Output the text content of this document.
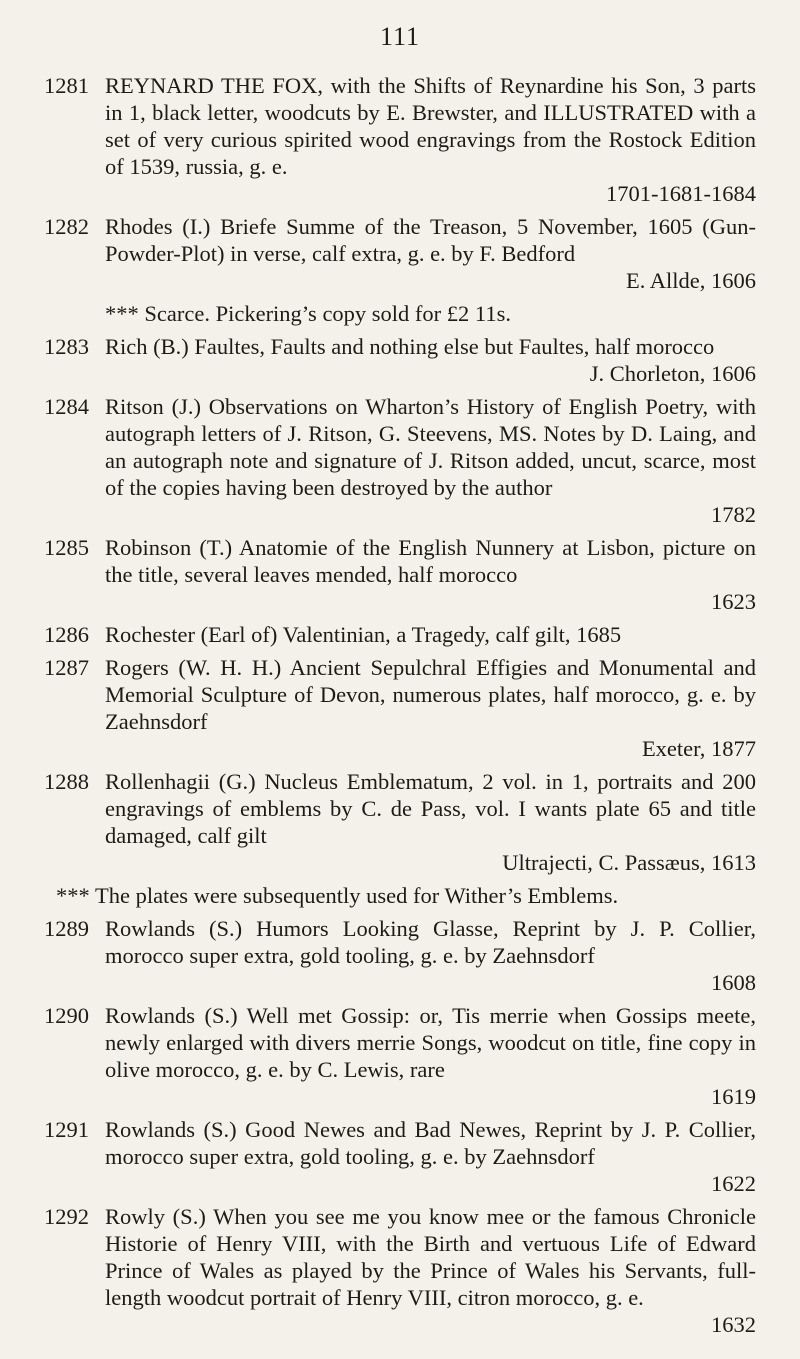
111
1281 REYNARD THE FOX, with the Shifts of Reynardine his Son, 3 parts in 1, black letter, woodcuts by E. Brewster, and ILLUSTRATED with a set of very curious spirited wood engravings from the Rostock Edition of 1539, russia, g. e.
1701-1681-1684
1282 Rhodes (I.) Briefe Summe of the Treason, 5 November, 1605 (Gun-Powder-Plot) in verse, calf extra, g. e. by F. Bedford
E. Allde, 1606
*** Scarce. Pickering’s copy sold for £2 11s.
1283 Rich (B.) Faultes, Faults and nothing else but Faultes, half morocco
J. Chorleton, 1606
1284 Ritson (J.) Observations on Wharton’s History of English Poetry, with autograph letters of J. Ritson, G. Steevens, MS. Notes by D. Laing, and an autograph note and signature of J. Ritson added, uncut, scarce, most of the copies having been destroyed by the author
1782
1285 Robinson (T.) Anatomie of the English Nunnery at Lisbon, picture on the title, several leaves mended, half morocco
1623
1286 Rochester (Earl of) Valentinian, a Tragedy, calf gilt, 1685
1287 Rogers (W. H. H.) Ancient Sepulchral Effigies and Monumental and Memorial Sculpture of Devon, numerous plates, half morocco, g. e. by Zaehnsdorf
Exeter, 1877
1288 Rollenhagii (G.) Nucleus Emblematum, 2 vol. in 1, portraits and 200 engravings of emblems by C. de Pass, vol. I wants plate 65 and title damaged, calf gilt
Ultrajecti, C. Passæus, 1613
*** The plates were subsequently used for Wither’s Emblems.
1289 Rowlands (S.) Humors Looking Glasse, Reprint by J. P. Collier, morocco super extra, gold tooling, g. e. by Zaehnsdorf
1608
1290 Rowlands (S.) Well met Gossip: or, Tis merrie when Gossips meete, newly enlarged with divers merrie Songs, woodcut on title, fine copy in olive morocco, g. e. by C. Lewis, rare
1619
1291 Rowlands (S.) Good Newes and Bad Newes, Reprint by J. P. Collier, morocco super extra, gold tooling, g. e. by Zaehnsdorf
1622
1292 Rowly (S.) When you see me you know mee or the famous Chronicle Historie of Henry VIII, with the Birth and vertuous Life of Edward Prince of Wales as played by the Prince of Wales his Servants, full-length woodcut portrait of Henry VIII, citron morocco, g. e.
1632
